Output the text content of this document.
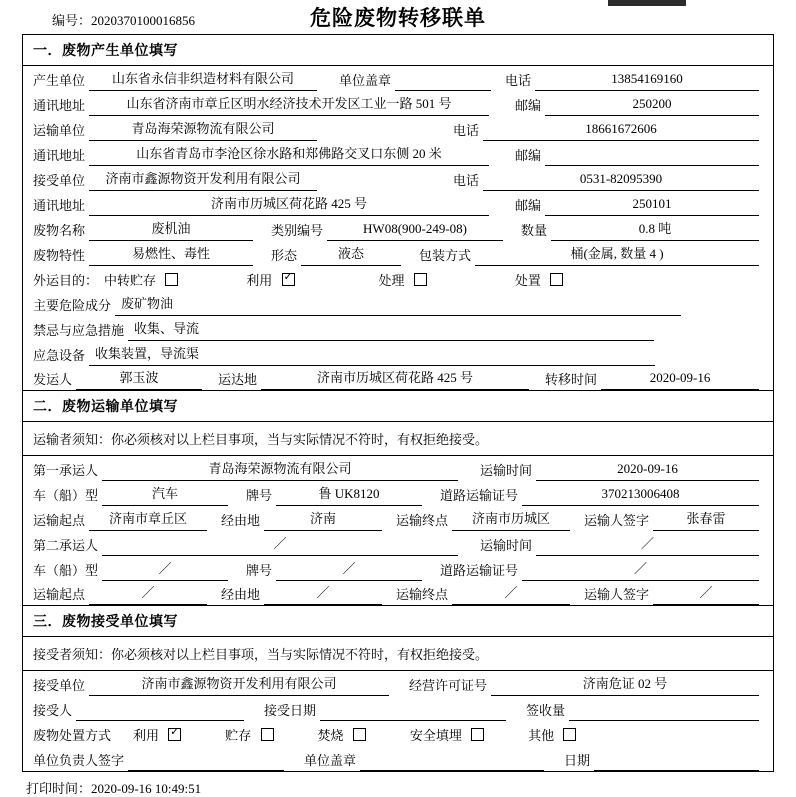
编号：2020370100016856	危险废物转移联单
一．废物产生单位填写
产生单位	山东省永信非织造材料有限公司	单位盖章	电话	13854169160
通讯地址	山东省济南市章丘区明水经济技术开发区工业一路 501 号	邮编	250200
运输单位	青岛海荣源物流有限公司	电话	18661672606
通讯地址	山东省青岛市李沧区徐水路和郑佛路交叉口东侧 20 米	邮编
接受单位	济南市鑫源物资开发利用有限公司	电话	0531-82095390
通讯地址	济南市历城区荷花路 425 号	邮编	250101
废物名称	废机油	类别编号	HW08(900-249-08)	数量	0.8 吨
废物特性	易燃性、毒性	形态	液态	包装方式	桶(金属, 数量 4 )
外运目的： 中转贮存	利用 ✓	处理	处置
主要危险成分 废矿物油
禁忌与应急措施 收集、导流
应急设备 收集装置，导流渠
发运人	郭玉波	运达地	济南市历城区荷花路 425 号	转移时间	2020-09-16
二．废物运输单位填写
运输者须知：你必须核对以上栏目事项，当与实际情况不符时，有权拒绝接受。
第一承运人	青岛海荣源物流有限公司	运输时间	2020-09-16
车（船）型	汽车	牌号	鲁 UK8120	道路运输证号	370213006408
运输起点	济南市章丘区	经由地	济南	运输终点	济南市历城区	运输人签字	张春雷
第二承运人	／	运输时间	／
车（船）型	／	牌号	／	道路运输证号	／
运输起点	／	经由地	／	运输终点	／	运输人签字	／
三．废物接受单位填写
接受者须知：你必须核对以上栏目事项，当与实际情况不符时，有权拒绝接受。
接受单位	济南市鑫源物资开发利用有限公司	经营许可证号	济南危证 02 号
接受人	接受日期	签收量
废物处置方式 利用 ✓	贮存	焚烧	安全填埋	其他
单位负责人签字	单位盖章	日期
打印时间：2020-09-16 10:49:51
